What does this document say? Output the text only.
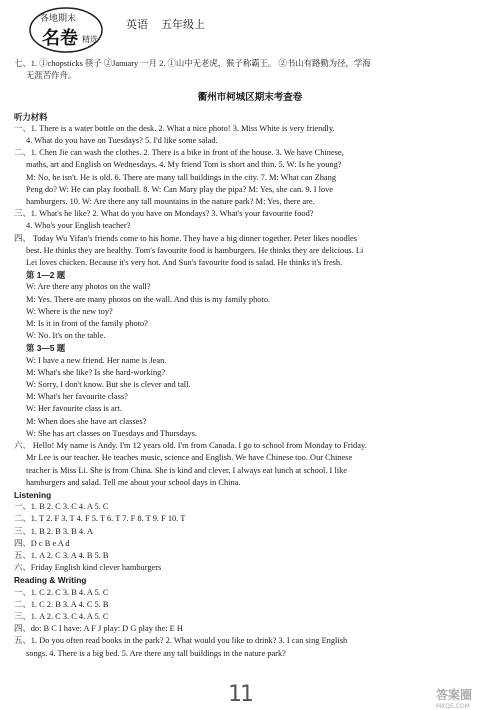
各地期末
名卷 精选
英语 五年级上
七、1. ①chopsticks 筷子 ②January 一月 2. ①山中无老虎，猴子称霸王。 ②书山有路勤为径，学海
无涯苦作舟。
衢州市柯城区期末考查卷
听力材料
一、1. There is a water bottle on the desk. 2. What a nice photo! 3. Miss White is very friendly.
4. What do you have on Tuesdays? 5. I'd like some salad.
二、1. Chen Jie can wash the clothes. 2. There is a bike in front of the house. 3. We have Chinese,
maths, art and English on Wednesdays. 4. My friend Tom is short and thin. 5. W: Is he young?
M: No, he isn't. He is old. 6. There are many tall buildings in the city. 7. M: What can Zhang
Peng do? W: He can play football. 8. W: Can Mary play the pipa? M: Yes, she can. 9. I love
hamburgers. 10. W: Are there any tall mountains in the nature park? M: Yes, there are.
三、1. What's he like? 2. What do you have on Mondays? 3. What's your favourite food?
4. Who's your English teacher?
四、 Today Wu Yifan's friends come to his home. They have a big dinner together. Peter likes noodles
best. He thinks they are healthy. Tom's favourite food is hamburgers. He thinks they are delicious. Li
Lei loves chicken. Because it's very hot. And Sun's favourite food is salad. He thinks it's fresh.
第 1—2 题
W: Are there any photos on the wall?
M: Yes. There are many photos on the wall. And this is my family photo.
W: Where is the new toy?
M: Is it in front of the family photo?
W: No. It's on the table.
第 3—5 题
W: I have a new friend. Her name is Jean.
M: What's she like? Is she hard-working?
W: Sorry, I don't know. But she is clever and tall.
M: What's her favourite class?
W: Her favourite class is art.
M: When does she have art classes?
W: She has art classes on Tuesdays and Thursdays.
六、 Hello! My name is Andy. I'm 12 years old. I'm from Canada. I go to school from Monday to Friday.
Mr Lee is our teacher. He teaches music, science and English. We have Chinese too. Our Chinese
teacher is Miss Li. She is from China. She is kind and clever. I always eat lunch at school. I like
hamburgers and salad. Tell me about your school days in China.
Listening
一、1. B 2. C 3. C 4. A 5. C
二、1. T 2. F 3. T 4. F 5. T 6. T 7. F 8. T 9. F 10. T
三、1. B 2. B 3. B 4. A
四、D c B e A d
五、1. A 2. C 3. A 4. B 5. B
六、Friday English kind clever hamburgers
Reading & Writing
一、1. C 2. C 3. B 4. A 5. C
二、1. C 2. B 3. A 4. C 5. B
三、1. A 2. C 3. C 4. A 5. C
四、do: B C I have: A F J play: D G play the: E H
五、1. Do you often read books in the park? 2. What would you like to drink? 3. I can sing English
songs. 4. There is a big bed. 5. Are there any tall buildings in the nature park?
11	答案圈
MXQE.COM
